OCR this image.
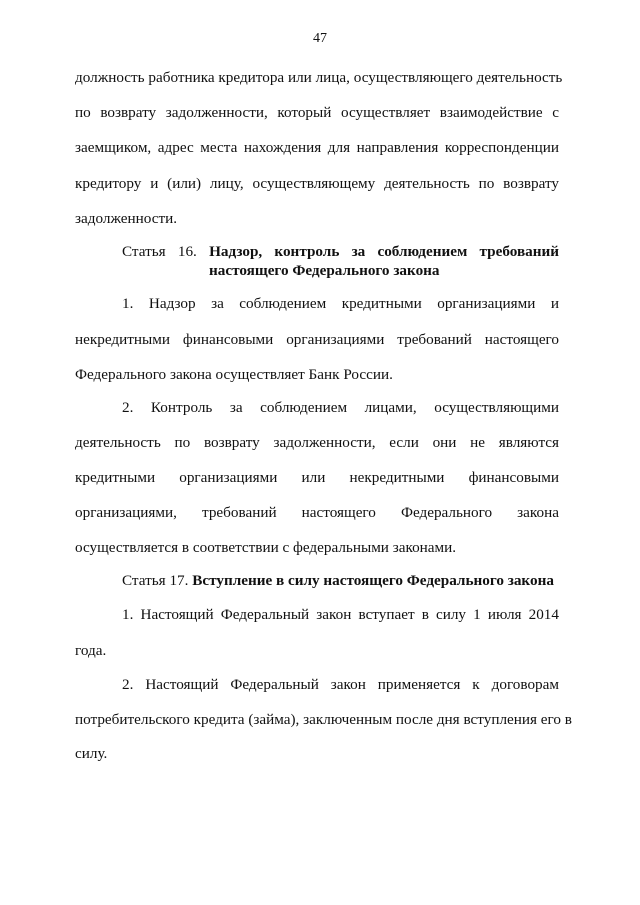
47
должность работника кредитора или лица, осуществляющего деятельность
по возврату задолженности, который осуществляет взаимодействие с
заемщиком, адрес места нахождения для направления корреспонденции
кредитору и (или) лицу, осуществляющему деятельность по возврату
задолженности.
Статья 16. Надзор, контроль за соблюдением требований
настоящего Федерального закона
1. Надзор за соблюдением кредитными организациями и
некредитными финансовыми организациями требований настоящего
Федерального закона осуществляет Банк России.
2. Контроль за соблюдением лицами, осуществляющими
деятельность по возврату задолженности, если они не являются
кредитными организациями или некредитными финансовыми
организациями, требований настоящего Федерального закона
осуществляется в соответствии с федеральными законами.
Статья 17. Вступление в силу настоящего Федерального закона
1. Настоящий Федеральный закон вступает в силу 1 июля 2014
года.
2. Настоящий Федеральный закон применяется к договорам
потребительского кредита (займа), заключенным после дня вступления его в
силу.
